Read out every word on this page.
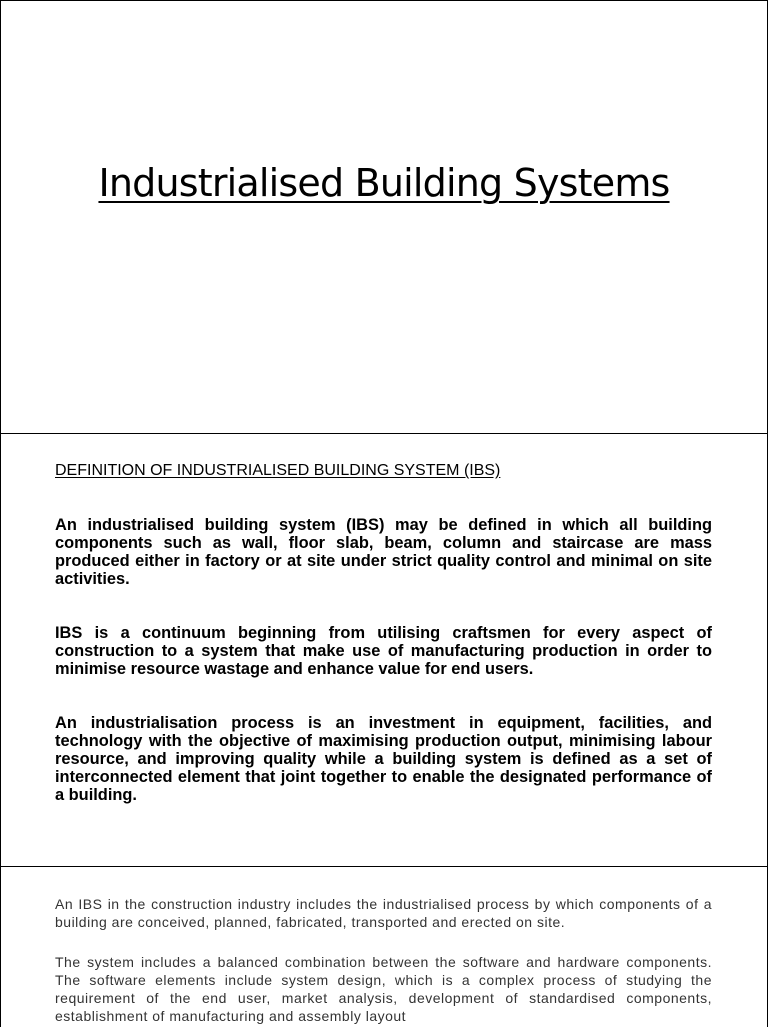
Industrialised Building Systems
DEFINITION OF INDUSTRIALISED BUILDING SYSTEM (IBS)

An industrialised building system (IBS) may be defined in which all building components such as wall, floor slab, beam, column and staircase are mass produced either in factory or at site under strict quality control and minimal on site activities.

IBS is a continuum beginning from utilising craftsmen for every aspect of construction to a system that make use of manufacturing production in order to minimise resource wastage and enhance value for end users.

An industrialisation process is an investment in equipment, facilities, and technology with the objective of maximising production output, minimising labour resource, and improving quality while a building system is defined as a set of interconnected element that joint together to enable the designated performance of a building.

An IBS in the construction industry includes the industrialised process by which components of a building are conceived, planned, fabricated, transported and erected on site.

The system includes a balanced combination between the software and hardware components. The software elements include system design, which is a complex process of studying the requirement of the end user, market analysis, development of standardised components, establishment of manufacturing and assembly layout
